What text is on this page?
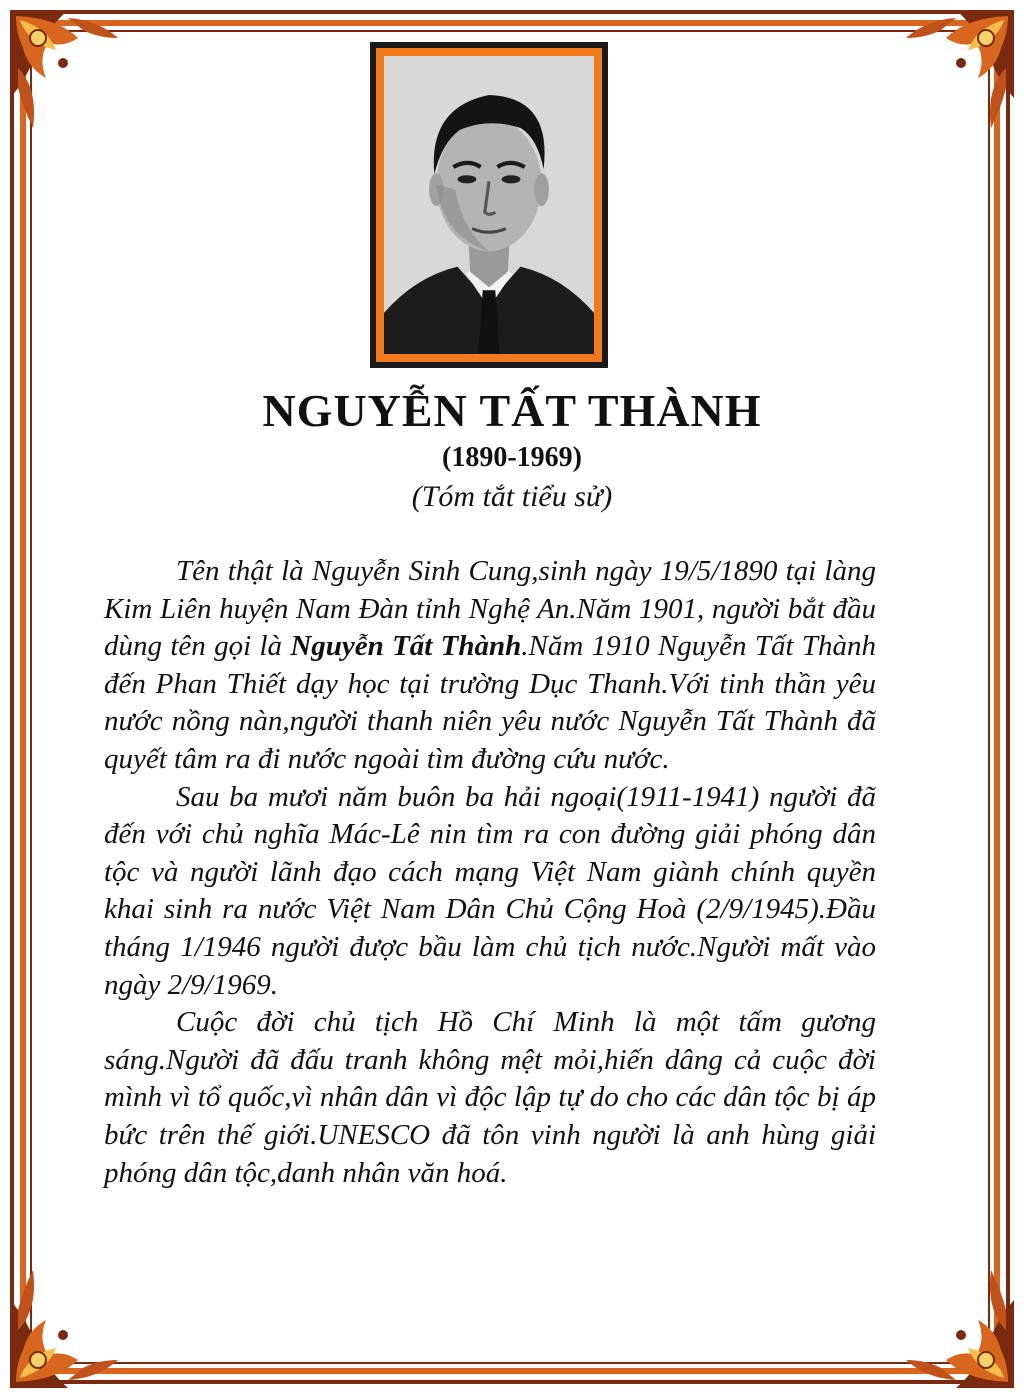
NGUYỄN TẤT THÀNH
(1890-1969)
(Tóm tắt tiểu sử)

Tên thật là Nguyễn Sinh Cung,sinh ngày 19/5/1890 tại làng Kim Liên huyện Nam Đàn tỉnh Nghệ An.Năm 1901, người bắt đầu dùng tên gọi là Nguyễn Tất Thành.Năm 1910 Nguyễn Tất Thành đến Phan Thiết dạy học tại trường Dục Thanh.Với tinh thần yêu nước nồng nàn,người thanh niên yêu nước Nguyễn Tất Thành đã quyết tâm ra đi nước ngoài tìm đường cứu nước.

Sau ba mươi năm buôn ba hải ngoại(1911-1941) người đã đến với chủ nghĩa Mác-Lê nin tìm ra con đường giải phóng dân tộc và người lãnh đạo cách mạng Việt Nam giành chính quyền khai sinh ra nước Việt Nam Dân Chủ Cộng Hoà (2/9/1945).Đầu tháng 1/1946 người được bầu làm chủ tịch nước.Người mất vào ngày 2/9/1969.

Cuộc đời chủ tịch Hồ Chí Minh là một tấm gương sáng.Người đã đấu tranh không mệt mỏi,hiến dâng cả cuộc đời mình vì tổ quốc,vì nhân dân vì độc lập tự do cho các dân tộc bị áp bức trên thế giới.UNESCO đã tôn vinh người là anh hùng giải phóng dân tộc,danh nhân văn hoá.
